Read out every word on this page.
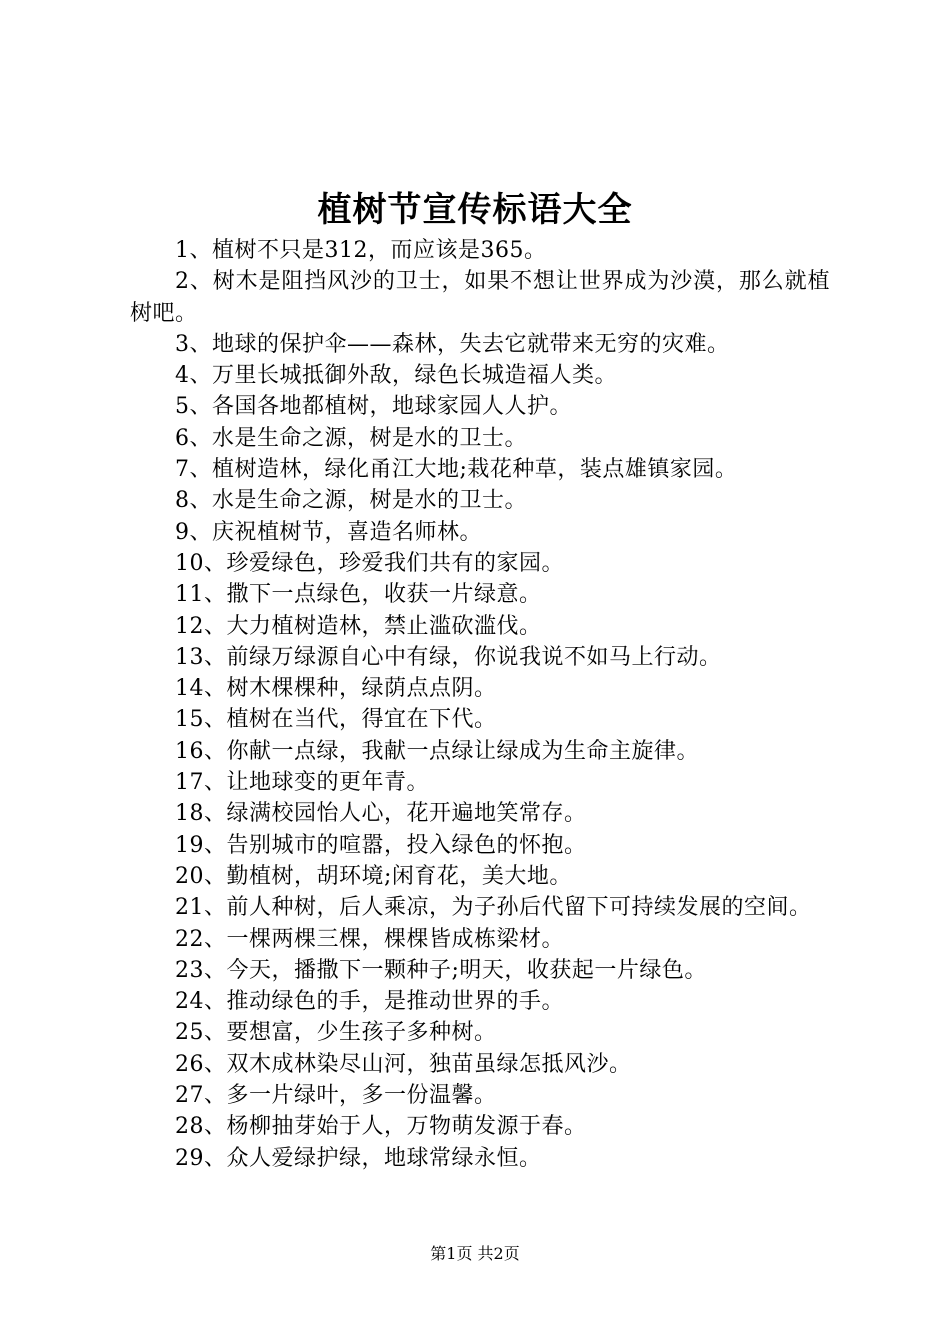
植树节宣传标语大全

1、植树不只是312，而应该是365。

2、树木是阻挡风沙的卫士，如果不想让世界成为沙漠，那么就植树吧。

3、地球的保护伞——森林，失去它就带来无穷的灾难。

4、万里长城抵御外敌，绿色长城造福人类。

5、各国各地都植树，地球家园人人护。

6、水是生命之源，树是水的卫士。

7、植树造林，绿化甬江大地;栽花种草，装点雄镇家园。

8、水是生命之源，树是水的卫士。

9、庆祝植树节，喜造名师林。

10、珍爱绿色，珍爱我们共有的家园。

11、撒下一点绿色，收获一片绿意。

12、大力植树造林，禁止滥砍滥伐。

13、前绿万绿源自心中有绿，你说我说不如马上行动。

14、树木棵棵种，绿荫点点阴。

15、植树在当代，得宜在下代。

16、你献一点绿，我献一点绿让绿成为生命主旋律。

17、让地球变的更年青。

18、绿满校园怡人心，花开遍地笑常存。

19、告别城市的喧嚣，投入绿色的怀抱。

20、勤植树，胡环境;闲育花，美大地。

21、前人种树，后人乘凉，为子孙后代留下可持续发展的空间。

22、一棵两棵三棵，棵棵皆成栋梁材。

23、今天，播撒下一颗种子;明天，收获起一片绿色。

24、推动绿色的手，是推动世界的手。

25、要想富，少生孩子多种树。

26、双木成林染尽山河，独苗虽绿怎抵风沙。

27、多一片绿叶，多一份温馨。

28、杨柳抽芽始于人，万物萌发源于春。

29、众人爱绿护绿，地球常绿永恒。

第1页 共2页
